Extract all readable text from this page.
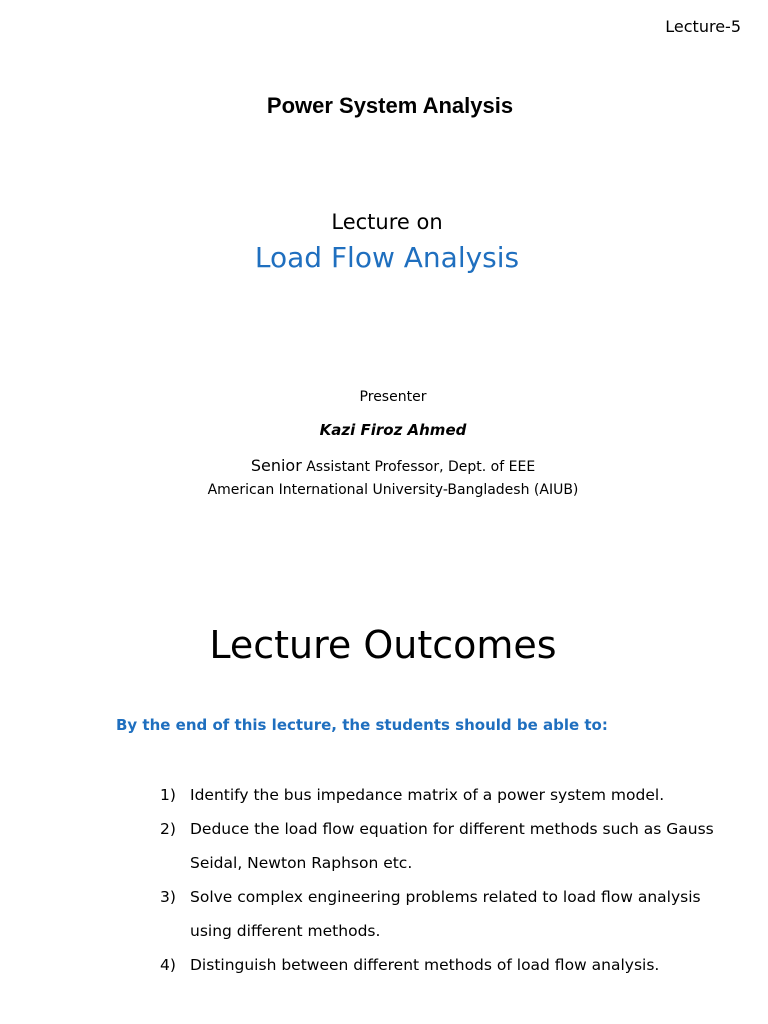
Lecture-5
Power System Analysis
Lecture on
Load Flow Analysis
Presenter
Kazi Firoz Ahmed
Senior Assistant Professor, Dept. of EEE
American International University-Bangladesh (AIUB)
Lecture Outcomes
By the end of this lecture, the students should be able to:
1) Identify the bus impedance matrix of a power system model.
2) Deduce the load flow equation for different methods such as Gauss Seidal, Newton Raphson etc.
3) Solve complex engineering problems related to load flow analysis using different methods.
4) Distinguish between different methods of load flow analysis.
